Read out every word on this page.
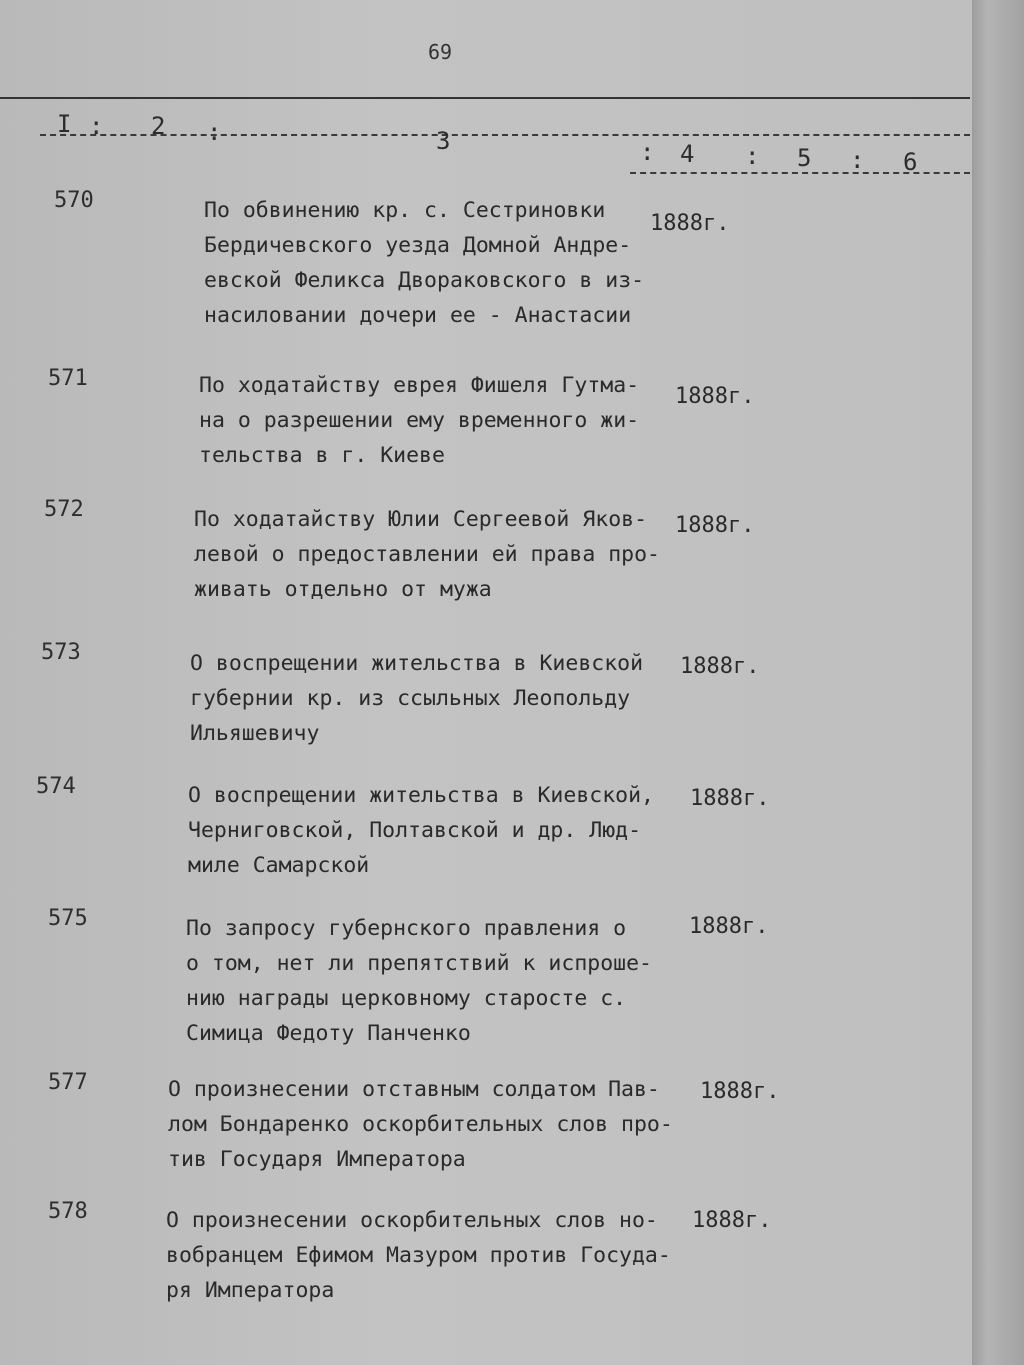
69
I : 2 :	3	: 4 : 5 : 6
570	По обвинению кр. с. Сестриновки
Бердичевского уезда Домной Андре-
евской Феликса Двораковского в из-
насиловании дочери ее - Анастасии
1888г.
571	По ходатайству еврея Фишеля Гутма-
на о разрешении ему временного жи-
тельства в г. Киеве
1888г.
572	По ходатайству Юлии Сергеевой Яков-
левой о предоставлении ей права про-
живать отдельно от мужа
1888г.
573	О воспрещении жительства в Киевской
губернии кр. из ссыльных Леопольду
Ильяшевичу
1888г.
574	О воспрещении жительства в Киевской,
Черниговской, Полтавской и др. Люд-
миле Самарской
1888г.
575	По запросу губернского правления о
о том, нет ли препятствий к испроше-
нию награды церковному старосте с.
Симица Федоту Панченко
1888г.
577	О произнесении отставным солдатом Пав-
лом Бондаренко оскорбительных слов про-
тив Государя Императора
1888г.
578	О произнесении оскорбительных слов но-
вобранцем Ефимом Мазуром против Госуда-
ря Императора
1888г.
